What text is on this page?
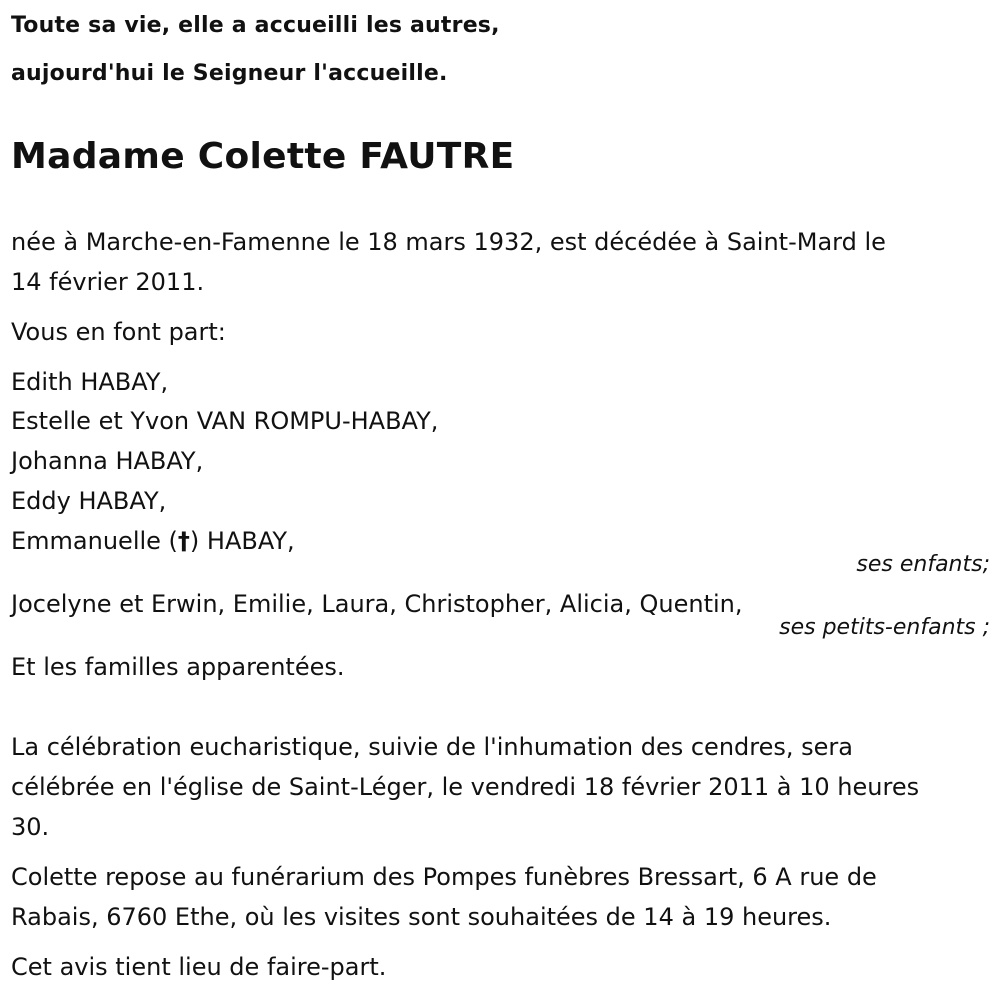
Toute sa vie, elle a accueilli les autres,
aujourd'hui le Seigneur l'accueille.
Madame Colette FAUTRE
née à Marche-en-Famenne le 18 mars 1932, est décédée à Saint-Mard le
14 février 2011.
Vous en font part:
Edith HABAY,
Estelle et Yvon VAN ROMPU-HABAY,
Johanna HABAY,
Eddy HABAY,
Emmanuelle (†) HABAY,
ses enfants;
Jocelyne et Erwin, Emilie, Laura, Christopher, Alicia, Quentin,
ses petits-enfants ;
Et les familles apparentées.
La célébration eucharistique, suivie de l'inhumation des cendres, sera
célébrée en l'église de Saint-Léger, le vendredi 18 février 2011 à 10 heures
30.
Colette repose au funérarium des Pompes funèbres Bressart, 6 A rue de
Rabais, 6760 Ethe, où les visites sont souhaitées de 14 à 19 heures.
Cet avis tient lieu de faire-part.
